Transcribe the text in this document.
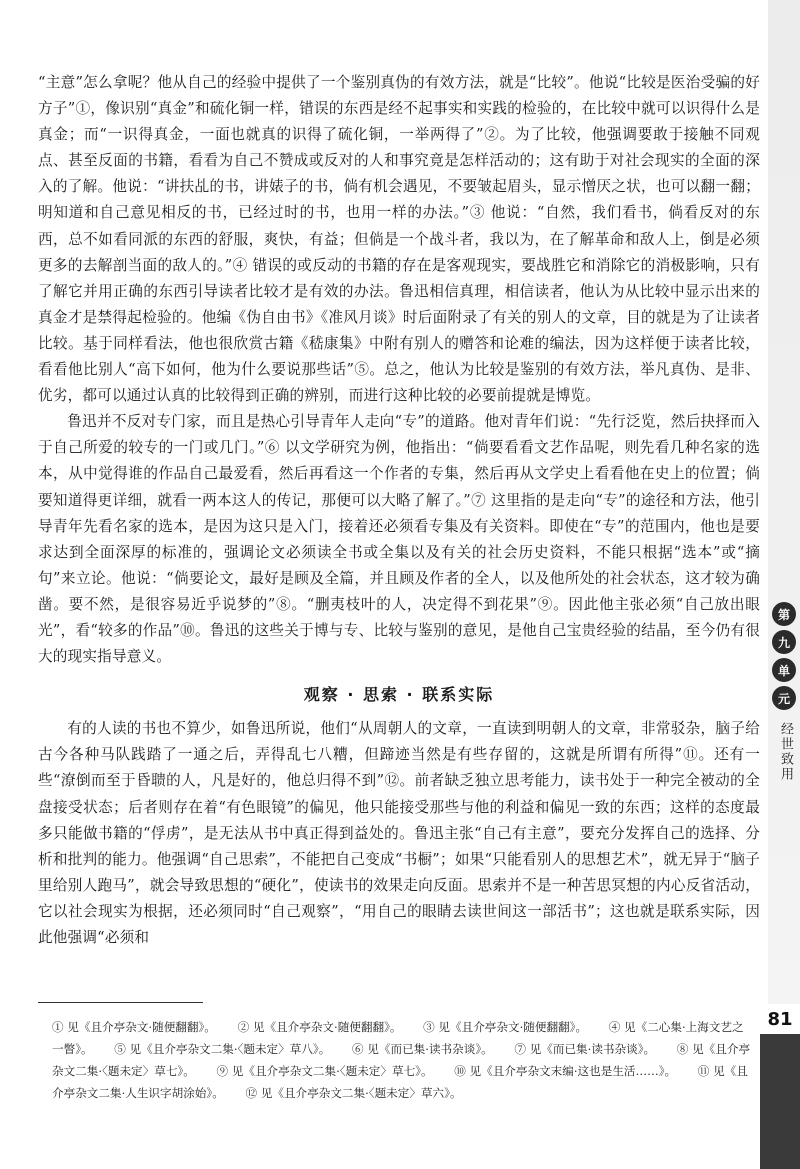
“主意”怎么拿呢？他从自己的经验中提供了一个鉴别真伪的有效方法，就是“比较”。他说“比较是医治受骗的好方子”①，像识别“真金”和硫化铜一样，错误的东西是经不起事实和实践的检验的，在比较中就可以识得什么是真金；而“一识得真金，一面也就真的识得了硫化铜，一举两得了”②。为了比较，他强调要敢于接触不同观点、甚至反面的书籍，看看为自己不赞成或反对的人和事究竟是怎样活动的；这有助于对社会现实的全面的深入的了解。他说：“讲扶乩的书，讲婊子的书，倘有机会遇见，不要皱起眉头，显示憎厌之状，也可以翻一翻；明知道和自己意见相反的书，已经过时的书，也用一样的办法。”③ 他说：“自然，我们看书，倘看反对的东西，总不如看同派的东西的舒服，爽快，有益；但倘是一个战斗者，我以为，在了解革命和敌人上，倒是必须更多的去解剖当面的敌人的。”④ 错误的或反动的书籍的存在是客观现实，要战胜它和消除它的消极影响，只有了解它并用正确的东西引导读者比较才是有效的办法。鲁迅相信真理，相信读者，他认为从比较中显示出来的真金才是禁得起检验的。他编《伪自由书》《准风月谈》时后面附录了有关的别人的文章，目的就是为了让读者比较。基于同样看法，他也很欣赏古籍《嵇康集》中附有别人的赠答和论难的编法，因为这样便于读者比较，看看他比别人“高下如何，他为什么要说那些话”⑤。总之，他认为比较是鉴别的有效方法，举凡真伪、是非、优劣，都可以通过认真的比较得到正确的辨别，而进行这种比较的必要前提就是博览。

鲁迅并不反对专门家，而且是热心引导青年人走向“专”的道路。他对青年们说：“先行泛览，然后抉择而入于自己所爱的较专的一门或几门。”⑥ 以文学研究为例，他指出：“倘要看看文艺作品呢，则先看几种名家的选本，从中觉得谁的作品自己最爱看，然后再看这一个作者的专集，然后再从文学史上看看他在史上的位置；倘要知道得更详细，就看一两本这人的传记，那便可以大略了解了。”⑦ 这里指的是走向“专”的途径和方法，他引导青年先看名家的选本，是因为这只是入门，接着还必须看专集及有关资料。即使在“专”的范围内，他也是要求达到全面深厚的标准的，强调论文必须读全书或全集以及有关的社会历史资料，不能只根据“选本”或“摘句”来立论。他说：“倘要论文，最好是顾及全篇，并且顾及作者的全人，以及他所处的社会状态，这才较为确凿。要不然，是很容易近乎说梦的”⑧。“删夷枝叶的人，决定得不到花果”⑨。因此他主张必须“自己放出眼光”，看“较多的作品”⑩。鲁迅的这些关于博与专、比较与鉴别的意见，是他自己宝贵经验的结晶，至今仍有很大的现实指导意义。

观察 · 思索 · 联系实际

有的人读的书也不算少，如鲁迅所说，他们“从周朝人的文章，一直读到明朝人的文章，非常驳杂，脑子给古今各种马队践踏了一通之后，弄得乱七八糟，但蹄迹当然是有些存留的，这就是所谓有所得”⑪。还有一些“潦倒而至于昏聩的人，凡是好的，他总归得不到”⑫。前者缺乏独立思考能力，读书处于一种完全被动的全盘接受状态；后者则存在着“有色眼镜”的偏见，他只能接受那些与他的利益和偏见一致的东西；这样的态度最多只能做书籍的“俘虏”，是无法从书中真正得到益处的。鲁迅主张“自己有主意”，要充分发挥自己的选择、分析和批判的能力。他强调“自己思索”，不能把自己变成“书橱”；如果“只能看别人的思想艺术”，就无异于“脑子里给别人跑马”，就会导致思想的“硬化”，使读书的效果走向反面。思索并不是一种苦思冥想的内心反省活动，它以社会现实为根据，还必须同时“自己观察”，“用自己的眼睛去读世间这一部活书”；这也就是联系实际，因此他强调“必须和

① 见《且介亭杂文·随便翻翻》。 ② 见《且介亭杂文·随便翻翻》。 ③ 见《且介亭杂文·随便翻翻》。 ④ 见《二心集·上海文艺之一瞥》。 ⑤ 见《且介亭杂文二集·〈题未定〉草八》。 ⑥ 见《而已集·读书杂谈》。 ⑦ 见《而已集·读书杂谈》。 ⑧ 见《且介亭杂文二集·〈题未定〉草七》。 ⑨ 见《且介亭杂文二集·〈题未定〉草七》。 ⑩ 见《且介亭杂文末编·这也是生活……》。 ⑪ 见《且介亭杂文二集·人生识字胡涂始》。 ⑫ 见《且介亭杂文二集·〈题未定〉草六》。
第
九
单
元
经世致用
81
